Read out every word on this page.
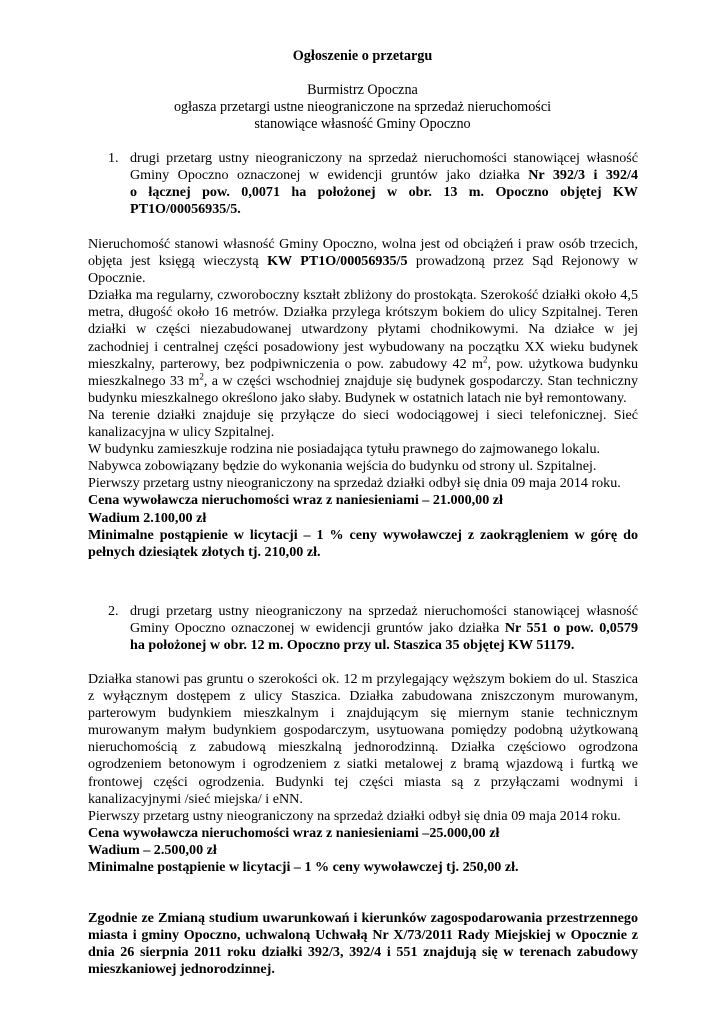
Ogłoszenie o przetargu
Burmistrz Opoczna
ogłasza przetargi ustne nieograniczone na sprzedaż nieruchomości
stanowiące własność Gminy Opoczno
1. drugi przetarg ustny nieograniczony na sprzedaż nieruchomości stanowiącej własność

Gminy Opoczno oznaczonej w ewidencji gruntów jako działka Nr 392/3 i 392/4

o łącznej pow. 0,0071 ha położonej w obr. 13 m. Opoczno objętej KW

PT1O/00056935/5.

Nieruchomość stanowi własność Gminy Opoczno, wolna jest od obciążeń i praw osób trzecich, objęta jest księgą wieczystą KW PT1O/00056935/5 prowadzoną przez Sąd Rejonowy w Opocznie.

Działka ma regularny, czworoboczny kształt zbliżony do prostokąta. Szerokość działki około 4,5 metra, długość około 16 metrów. Działka przylega krótszym bokiem do ulicy Szpitalnej. Teren działki w części niezabudowanej utwardzony płytami chodnikowymi. Na działce w jej zachodniej i centralnej części posadowiony jest wybudowany na początku XX wieku budynek mieszkalny, parterowy, bez podpiwniczenia o pow. zabudowy 42 $m^2$, pow. użytkowa budynku mieszkalnego 33 $m^2$, a w części wschodniej znajduje się budynek gospodarczy. Stan techniczny budynku mieszkalnego określono jako słaby. Budynek w ostatnich latach nie był remontowany.

Na terenie działki znajduje się przyłącze do sieci wodociągowej i sieci telefonicznej. Sieć kanalizacyjna w ulicy Szpitalnej.

W budynku zamieszkuje rodzina nie posiadająca tytułu prawnego do zajmowanego lokalu.

Nabywca zobowiązany będzie do wykonania wejścia do budynku od strony ul. Szpitalnej.

Pierwszy przetarg ustny nieograniczony na sprzedaż działki odbył się dnia 09 maja 2014 roku.

Cena wywoławcza nieruchomości wraz z naniesieniami – 21.000,00 zł

Wadium 2.100,00 zł

Minimalne postąpienie w licytacji – 1 % ceny wywoławczej z zaokrągleniem w górę do pełnych dziesiątek złotych tj. 210,00 zł.

2. drugi przetarg ustny nieograniczony na sprzedaż nieruchomości stanowiącej własność

Gminy Opoczno oznaczonej w ewidencji gruntów jako działka Nr 551 o pow. 0,0579

ha położonej w obr. 12 m. Opoczno przy ul. Staszica 35 objętej KW 51179.

Działka stanowi pas gruntu o szerokości ok. 12 m przylegający węższym bokiem do ul. Staszica z wyłącznym dostępem z ulicy Staszica. Działka zabudowana zniszczonym murowanym, parterowym budynkiem mieszkalnym i znajdującym się miernym stanie technicznym murowanym małym budynkiem gospodarczym, usytuowana pomiędzy podobną użytkowaną nieruchomością z zabudową mieszkalną jednorodzinną. Działka częściowo ogrodzona ogrodzeniem betonowym i ogrodzeniem z siatki metalowej z bramą wjazdową i furtką we frontowej części ogrodzenia. Budynki tej części miasta są z przyłączami wodnymi i kanalizacyjnymi /sieć miejska/ i eNN.

Pierwszy przetarg ustny nieograniczony na sprzedaż działki odbył się dnia 09 maja 2014 roku.

Cena wywoławcza nieruchomości wraz z naniesieniami –25.000,00 zł

Wadium – 2.500,00 zł

Minimalne postąpienie w licytacji – 1 % ceny wywoławczej tj. 250,00 zł.

Zgodnie ze Zmianą studium uwarunkowań i kierunków zagospodarowania przestrzennego miasta i gminy Opoczno, uchwaloną Uchwałą Nr X/73/2011 Rady Miejskiej w Opocznie z dnia 26 sierpnia 2011 roku działki 392/3, 392/4 i 551 znajdują się w terenach zabudowy mieszkaniowej jednorodzinnej.
